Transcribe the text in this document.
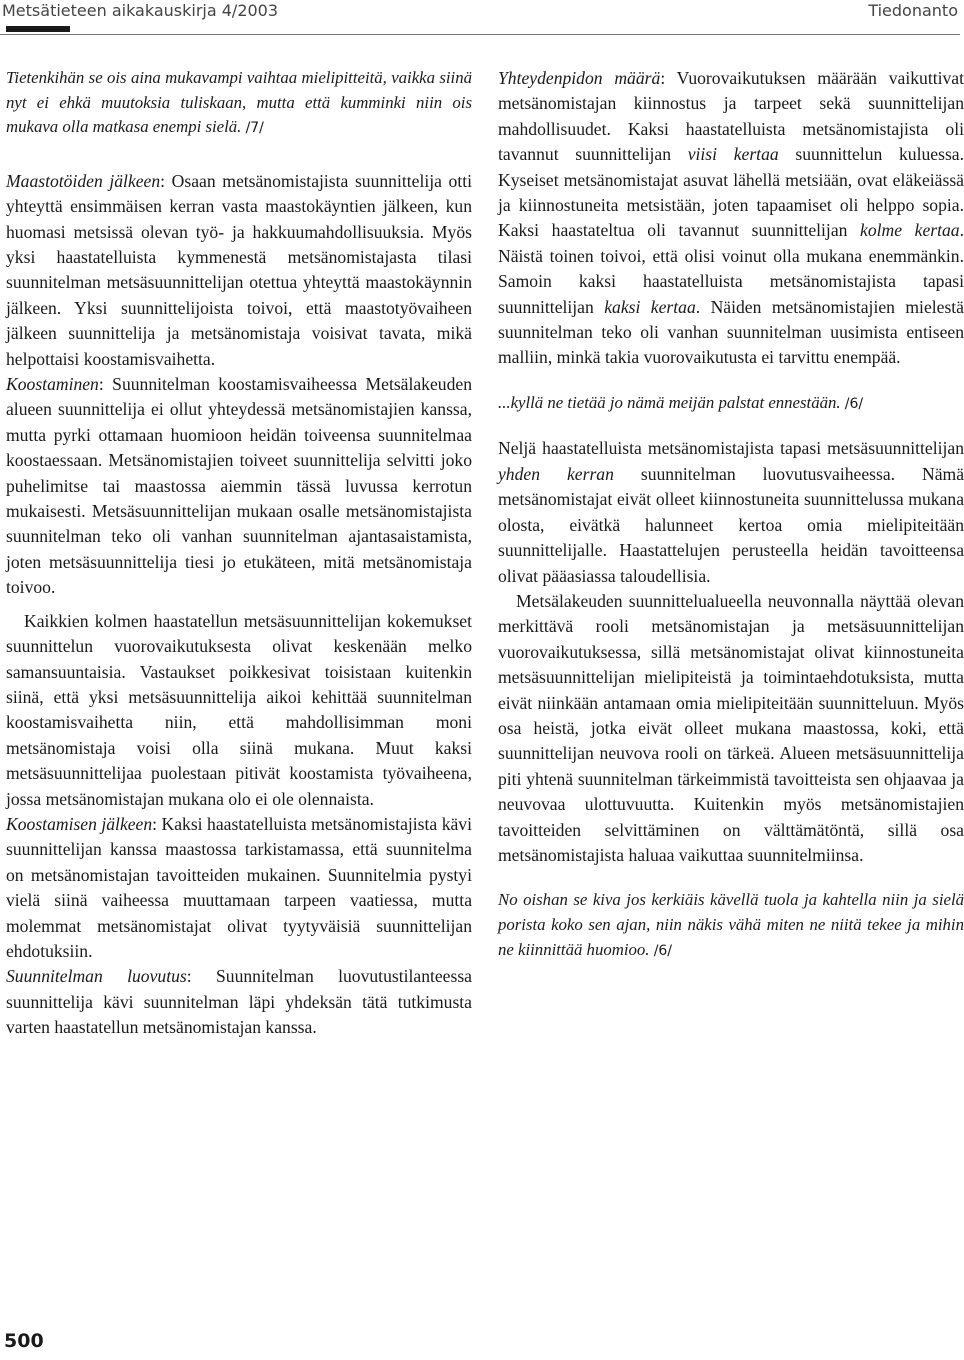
Metsätieteen aikakauskirja 4/2003	Tiedonanto

Tietenkihän se ois aina mukavampi vaihtaa mielipitteitä, vaikka siinä nyt ei ehkä muutoksia tuliskaan, mutta että kumminki niin ois mukava olla matkasa enempi sielä. /7/

Maastotöiden jälkeen: Osaan metsänomistajista suunnittelija otti yhteyttä ensimmäisen kerran vasta maastokäyntien jälkeen, kun huomasi metsissä olevan työ- ja hakkuumahdollisuuksia. Myös yksi haastatelluista kymmenestä metsänomistajasta tilasi suunnitelman metsäsuunnittelijan otettua yhteyttä maastokäynnin jälkeen. Yksi suunnittelijoista toivoi, että maastotyövaiheen jälkeen suunnittelija ja metsänomistaja voisivat tavata, mikä helpottaisi koostamisvaihetta.

Koostaminen: Suunnitelman koostamisvaiheessa Metsälakeuden alueen suunnittelija ei ollut yhteydessä metsänomistajien kanssa, mutta pyrki ottamaan huomioon heidän toiveensa suunnitelmaa koostaessaan. Metsänomistajien toiveet suunnittelija selvitti joko puhelimitse tai maastossa aiemmin tässä luvussa kerrotun mukaisesti. Metsäsuunnittelijan mukaan osalle metsänomistajista suunnitelman teko oli vanhan suunnitelman ajantasaistamista, joten metsäsuunnittelija tiesi jo etukäteen, mitä metsänomistaja toivoo.

Kaikkien kolmen haastatellun metsäsuunnittelijan kokemukset suunnittelun vuorovaikutuksesta olivat keskenään melko samansuuntaisia. Vastaukset poikkesivat toisistaan kuitenkin siinä, että yksi metsäsuunnittelija aikoi kehittää suunnitelman koostamisvaihetta niin, että mahdollisimman moni metsänomistaja voisi olla siinä mukana. Muut kaksi metsäsuunnittelijaa puolestaan pitivät koostamista työvaiheena, jossa metsänomistajan mukana olo ei ole olennaista.

Koostamisen jälkeen: Kaksi haastatelluista metsänomistajista kävi suunnittelijan kanssa maastossa tarkistamassa, että suunnitelma on metsänomistajan tavoitteiden mukainen. Suunnitelmia pystyi vielä siinä vaiheessa muuttamaan tarpeen vaatiessa, mutta molemmat metsänomistajat olivat tyytyväisiä suunnittelijan ehdotuksiin.

Suunnitelman luovutus: Suunnitelman luovutustilanteessa suunnittelija kävi suunnitelman läpi yhdeksän tätä tutkimusta varten haastatellun metsänomistajan kanssa.

Yhteydenpidon määrä: Vuorovaikutuksen määrään vaikuttivat metsänomistajan kiinnostus ja tarpeet sekä suunnittelijan mahdollisuudet. Kaksi haastatelluista metsänomistajista oli tavannut suunnittelijan viisi kertaa suunnittelun kuluessa. Kyseiset metsänomistajat asuvat lähellä metsiään, ovat eläkeiässä ja kiinnostuneita metsistään, joten tapaamiset oli helppo sopia. Kaksi haastateltua oli tavannut suunnittelijan kolme kertaa. Näistä toinen toivoi, että olisi voinut olla mukana enemmänkin. Samoin kaksi haastatelluista metsänomistajista tapasi suunnittelijan kaksi kertaa. Näiden metsänomistajien mielestä suunnitelman teko oli vanhan suunnitelman uusimista entiseen malliin, minkä takia vuorovaikutusta ei tarvittu enempää.

...kyllä ne tietää jo nämä meijän palstat ennestään. /6/

Neljä haastatelluista metsänomistajista tapasi metsäsuunnittelijan yhden kerran suunnitelman luovutusvaiheessa. Nämä metsänomistajat eivät olleet kiinnostuneita suunnittelussa mukana olosta, eivätkä halunneet kertoa omia mielipiteitään suunnittelijalle. Haastattelujen perusteella heidän tavoitteensa olivat pääasiassa taloudellisia.

Metsälakeuden suunnittelualueella neuvonnalla näyttää olevan merkittävä rooli metsänomistajan ja metsäsuunnittelijan vuorovaikutuksessa, sillä metsänomistajat olivat kiinnostuneita metsäsuunnittelijan mielipiteistä ja toimintaehdotuksista, mutta eivät niinkään antamaan omia mielipiteitään suunnitteluun. Myös osa heistä, jotka eivät olleet mukana maastossa, koki, että suunnittelijan neuvova rooli on tärkeä. Alueen metsäsuunnittelija piti yhtenä suunnitelman tärkeimmistä tavoitteista sen ohjaavaa ja neuvovaa ulottuvuutta. Kuitenkin myös metsänomistajien tavoitteiden selvittäminen on välttämätöntä, sillä osa metsänomistajista haluaa vaikuttaa suunnitelmiinsa.

No oishan se kiva jos kerkiäis kävellä tuola ja kahtella niin ja sielä porista koko sen ajan, niin näkis vähä miten ne niitä tekee ja mihin ne kiinnittää huomioo. /6/

500
